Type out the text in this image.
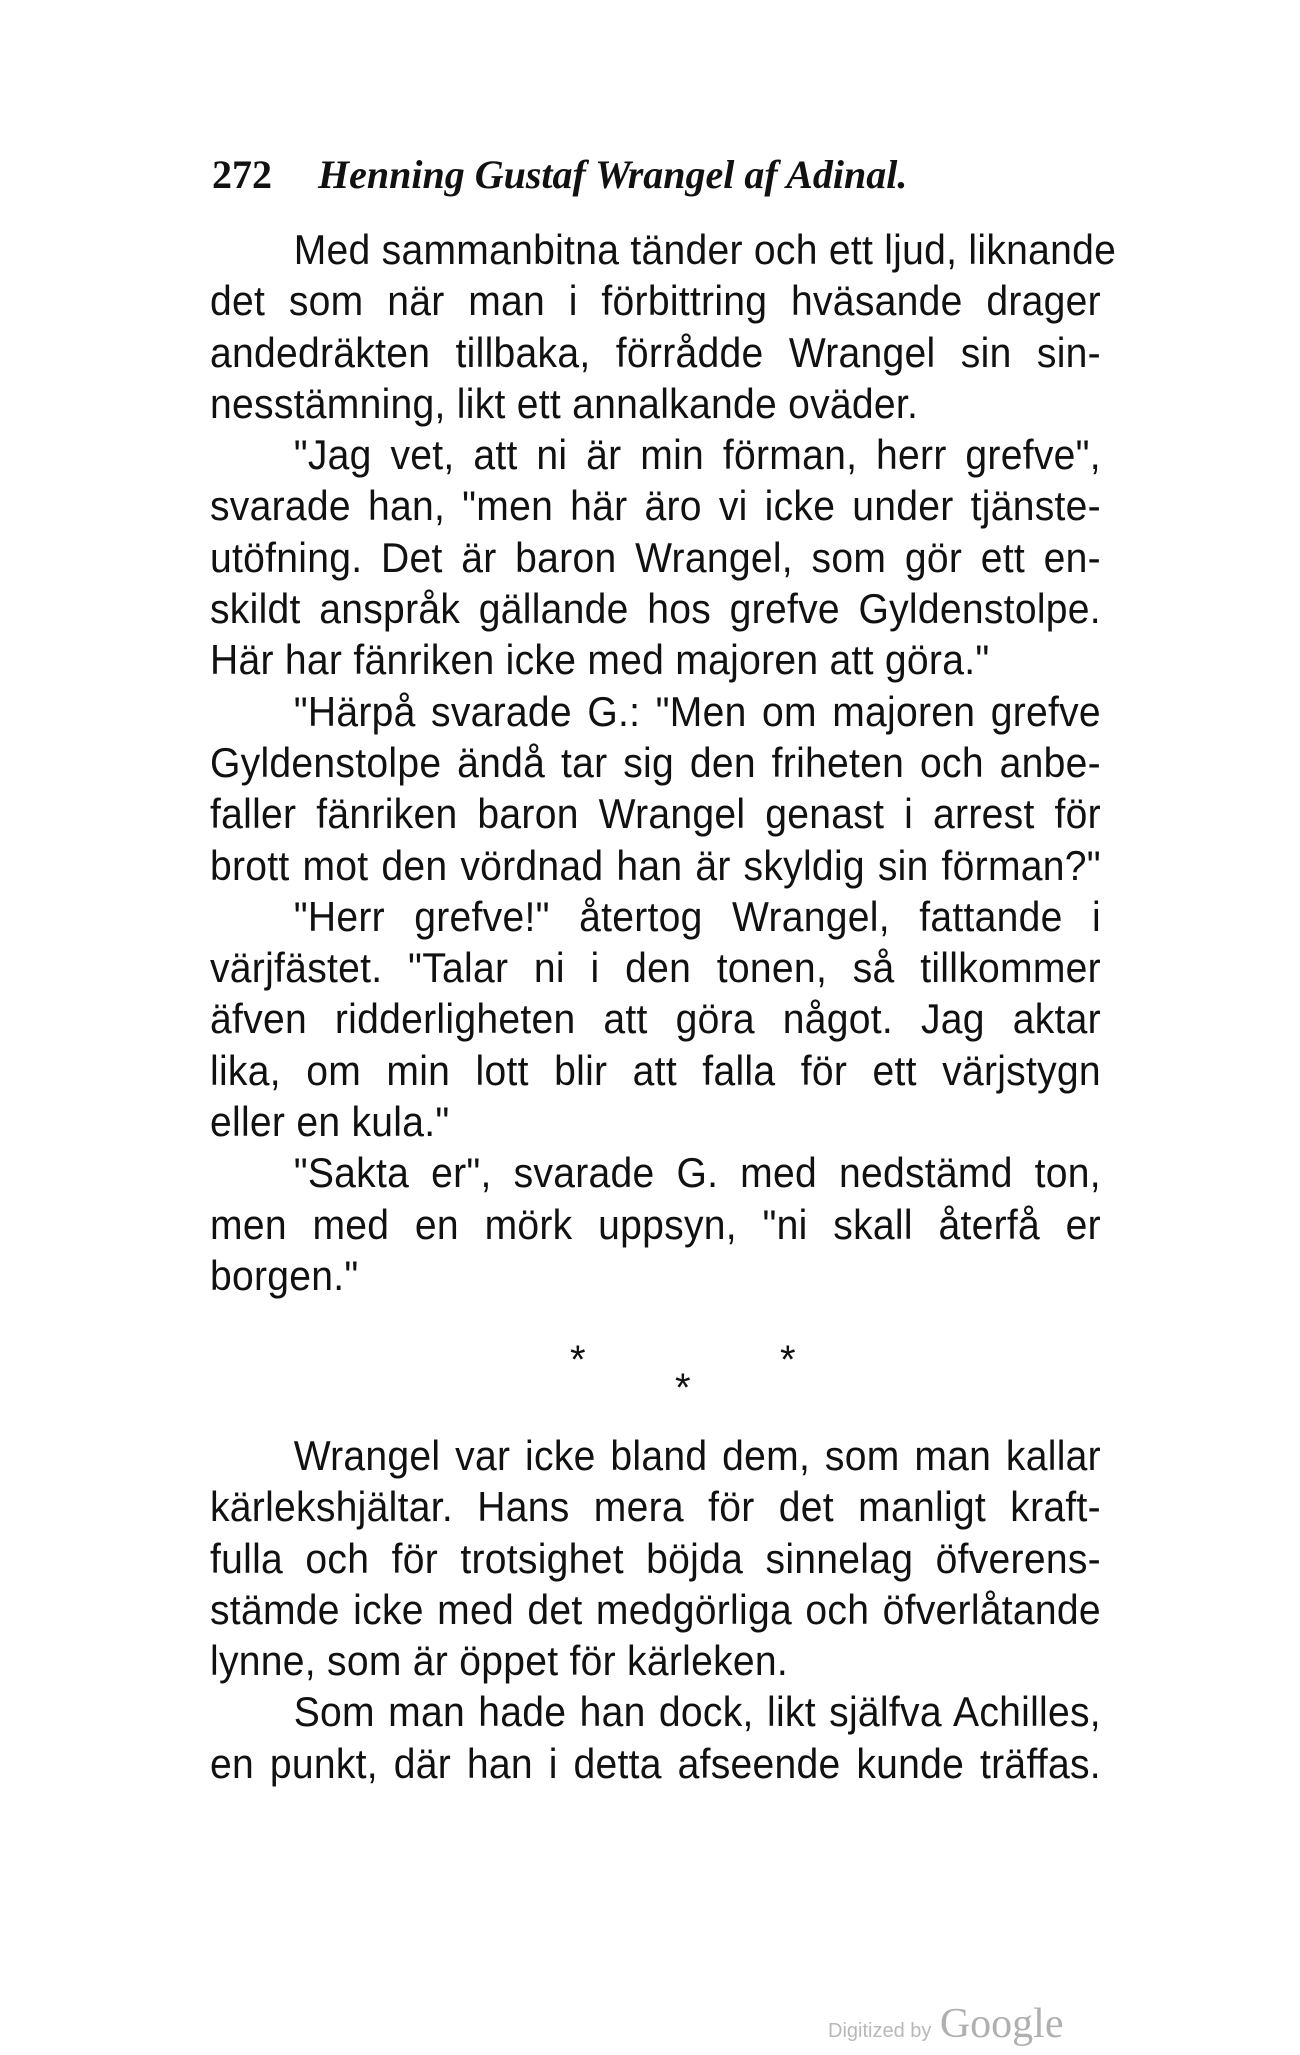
272 Henning Gustaf Wrangel af Adinal.
Med sammanbitna tänder och ett ljud, liknande
det som när man i förbittring hväsande drager
andedräkten tillbaka, förrådde Wrangel sin sin-
nesstämning, likt ett annalkande oväder.
"Jag vet, att ni är min förman, herr grefve",
svarade han, "men här äro vi icke under tjänste-
utöfning. Det är baron Wrangel, som gör ett en-
skildt anspråk gällande hos grefve Gyldenstolpe.
Här har fänriken icke med majoren att göra."
"Härpå svarade G.: "Men om majoren grefve
Gyldenstolpe ändå tar sig den friheten och anbe-
faller fänriken baron Wrangel genast i arrest för
brott mot den vördnad han är skyldig sin förman?"
"Herr grefve!" återtog Wrangel, fattande i
värjfästet. "Talar ni i den tonen, så tillkommer
äfven ridderligheten att göra något. Jag aktar
lika, om min lott blir att falla för ett värjstygn
eller en kula."
"Sakta er", svarade G. med nedstämd ton,
men med en mörk uppsyn, "ni skall återfå er
borgen."
*	*
*
Wrangel var icke bland dem, som man kallar
kärlekshjältar. Hans mera för det manligt kraft-
fulla och för trotsighet böjda sinnelag öfverens-
stämde icke med det medgörliga och öfverlåtande
lynne, som är öppet för kärleken.
Som man hade han dock, likt själfva Achilles,
en punkt, där han i detta afseende kunde träffas.
Digitized by Google
